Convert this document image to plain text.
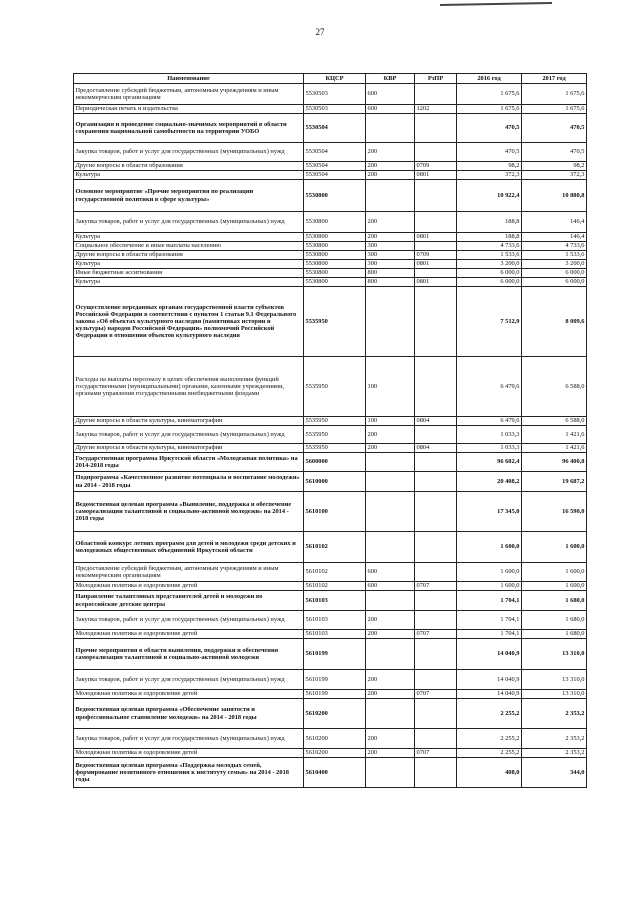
27
Наименование	КЦСР	КВР	РзПР	2016 год	2017 год
Предоставление субсидий бюджетным, автономным учреждениям и иным некоммерческим организациям	5530503	600		1 675,6	1 675,6
Периодическая печать и издательства	5530503	600	1202	1 675,6	1 675,6
Организация и проведение социально-значимых мероприятий в области сохранения национальной самобытности на территории УОБО	5530504			470,5	470,5
Закупка товаров, работ и услуг для государственных (муниципальных) нужд	5530504	200		470,5	470,5
Другие вопросы в области образования	5530504	200	0709	98,2	98,2
Культура	5530504	200	0801	372,3	372,3
Основное мероприятие «Прочие мероприятия по реализации государственной политики в сфере культуры»	5530800			10 922,4	10 880,8
Закупка товаров, работ и услуг для государственных (муниципальных) нужд	5530800	200		188,8	146,4
Культура	5530800	200	0801	188,8	146,4
Социальное обеспечение и иные выплаты населению	5530800	300		4 733,6	4 733,6
Другие вопросы в области образования	5530800	300	0709	1 533,6	1 533,6
Культура	5530800	300	0801	3 200,0	3 200,0
Иные бюджетные ассигнования	5530800	800		6 000,0	6 000,0
Культура	5530800	800	0801	6 000,0	6 000,0
Осуществление переданных органам государственной власти субъектов Российской Федерации в соответствии с пунктом 1 статьи 9.1 Федерального закона «Об объектах культурного наследия (памятниках истории и культуры) народов Российской Федерации» полномочий Российской Федерации в отношении объектов культурного наследия	5535950			7 512,9	8 009,6
Расходы на выплаты персоналу в целях обеспечения выполнения функций государственными (муниципальными) органами, казенными учреждениями, органами управления государственными внебюджетными фондами	5535950	100		6 479,6	6 588,0
Другие вопросы в области культуры, кинематографии	5535950	100	0804	6 479,6	6 588,0
Закупка товаров, работ и услуг для государственных (муниципальных) нужд	5535950	200		1 033,3	1 421,6
Другие вопросы в области культуры, кинематографии	5535950	200	0804	1 033,3	1 421,6
Государственная программа Иркутской области «Молодежная политика» на 2014-2018 годы	5600000			96 602,4	96 400,8
Подпрограмма «Качественное развитие потенциала и воспитание молодежи» на 2014 - 2018 годы	5610000			20 408,2	19 687,2
Ведомственная целевая программа «Выявление, поддержка и обеспечение самореализации талантливой и социально-активной молодежи» на 2014 - 2018 годы	5610100			17 345,0	16 590,0
Областной конкурс летних программ для детей и молодежи среди детских и молодежных общественных объединений Иркутской области	5610102			1 600,0	1 600,0
Предоставление субсидий бюджетным, автономным учреждениям и иным некоммерческим организациям	5610102	600		1 600,0	1 600,0
Молодежная политика и оздоровление детей	5610102	600	0707	1 600,0	1 600,0
Направление талантливых представителей детей и молодежи во всероссийские детские центры	5610103			1 704,1	1 680,0
Закупка товаров, работ и услуг для государственных (муниципальных) нужд	5610103	200		1 704,1	1 680,0
Молодежная политика и оздоровление детей	5610103	200	0707	1 704,1	1 680,0
Прочие мероприятия в области выявления, поддержки и обеспечения самореализации талантливой и социально-активной молодежи	5610199			14 040,9	13 310,0
Закупка товаров, работ и услуг для государственных (муниципальных) нужд	5610199	200		14 040,9	13 310,0
Молодежная политика и оздоровление детей	5610199	200	0707	14 040,9	13 310,0
Ведомственная целевая программа «Обеспечение занятости и профессиональное становление молодежи» на 2014 - 2018 годы	5610200			2 255,2	2 353,2
Закупка товаров, работ и услуг для государственных (муниципальных) нужд	5610200	200		2 255,2	2 353,2
Молодежная политика и оздоровление детей	5610200	200	0707	2 255,2	2 353,2
Ведомственная целевая программа «Поддержка молодых семей, формирование позитивного отношения к институту семьи» на 2014 - 2018 годы	5610400			408,0	344,0
